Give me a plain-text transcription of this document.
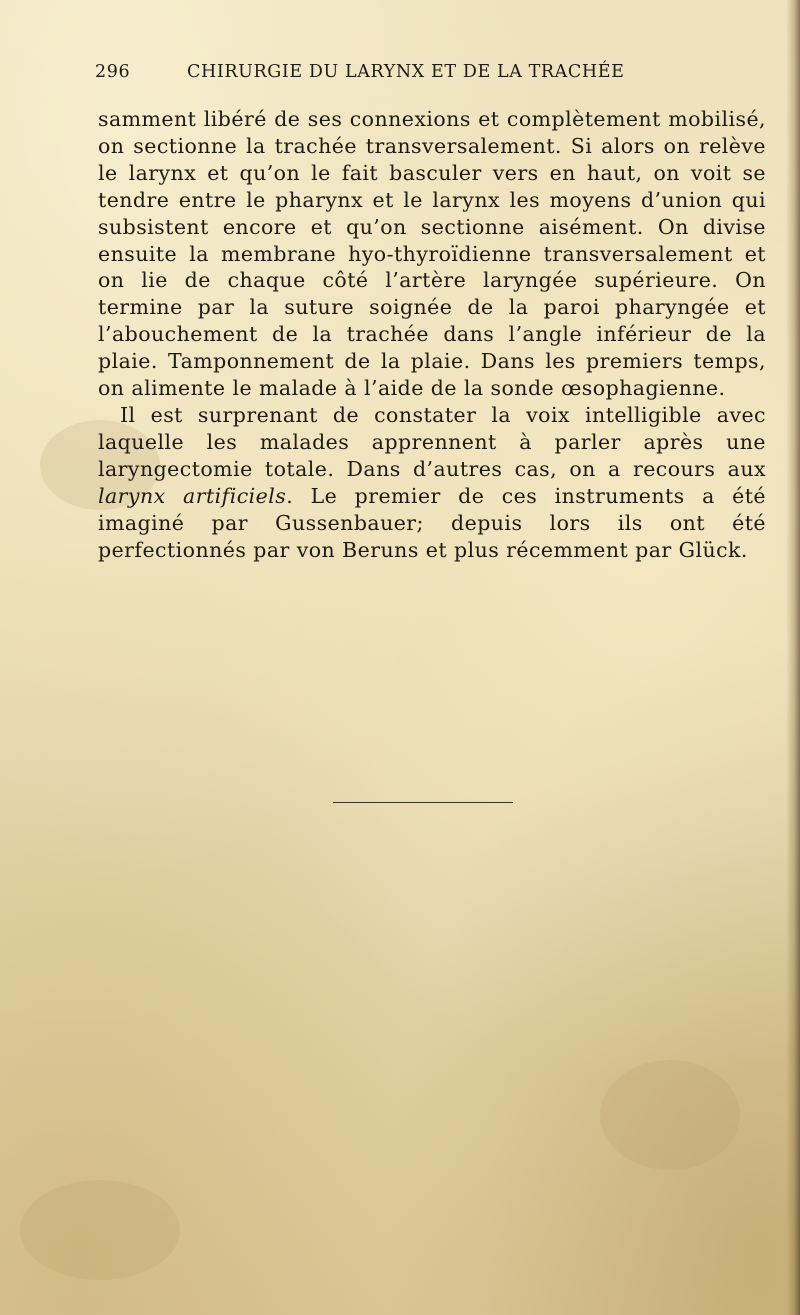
296	CHIRURGIE DU LARYNX ET DE LA TRACHÉE

samment libéré de ses connexions et complètement mobilisé, on sectionne la trachée transversalement. Si alors on relève le larynx et qu’on le fait basculer vers en haut, on voit se tendre entre le pharynx et le larynx les moyens d’union qui subsistent encore et qu’on sectionne aisément. On divise ensuite la membrane hyo-thyroïdienne transversalement et on lie de chaque côté l’artère laryngée supérieure. On termine par la suture soignée de la paroi pharyngée et l’abouchement de la trachée dans l’angle inférieur de la plaie. Tamponnement de la plaie. Dans les premiers temps, on alimente le malade à l’aide de la sonde œsophagienne.

Il est surprenant de constater la voix intelligible avec laquelle les malades apprennent à parler après une laryngectomie totale. Dans d’autres cas, on a recours aux larynx artificiels. Le premier de ces instruments a été imaginé par Gussenbauer; depuis lors ils ont été perfectionnés par von Beruns et plus récemment par Glück.
